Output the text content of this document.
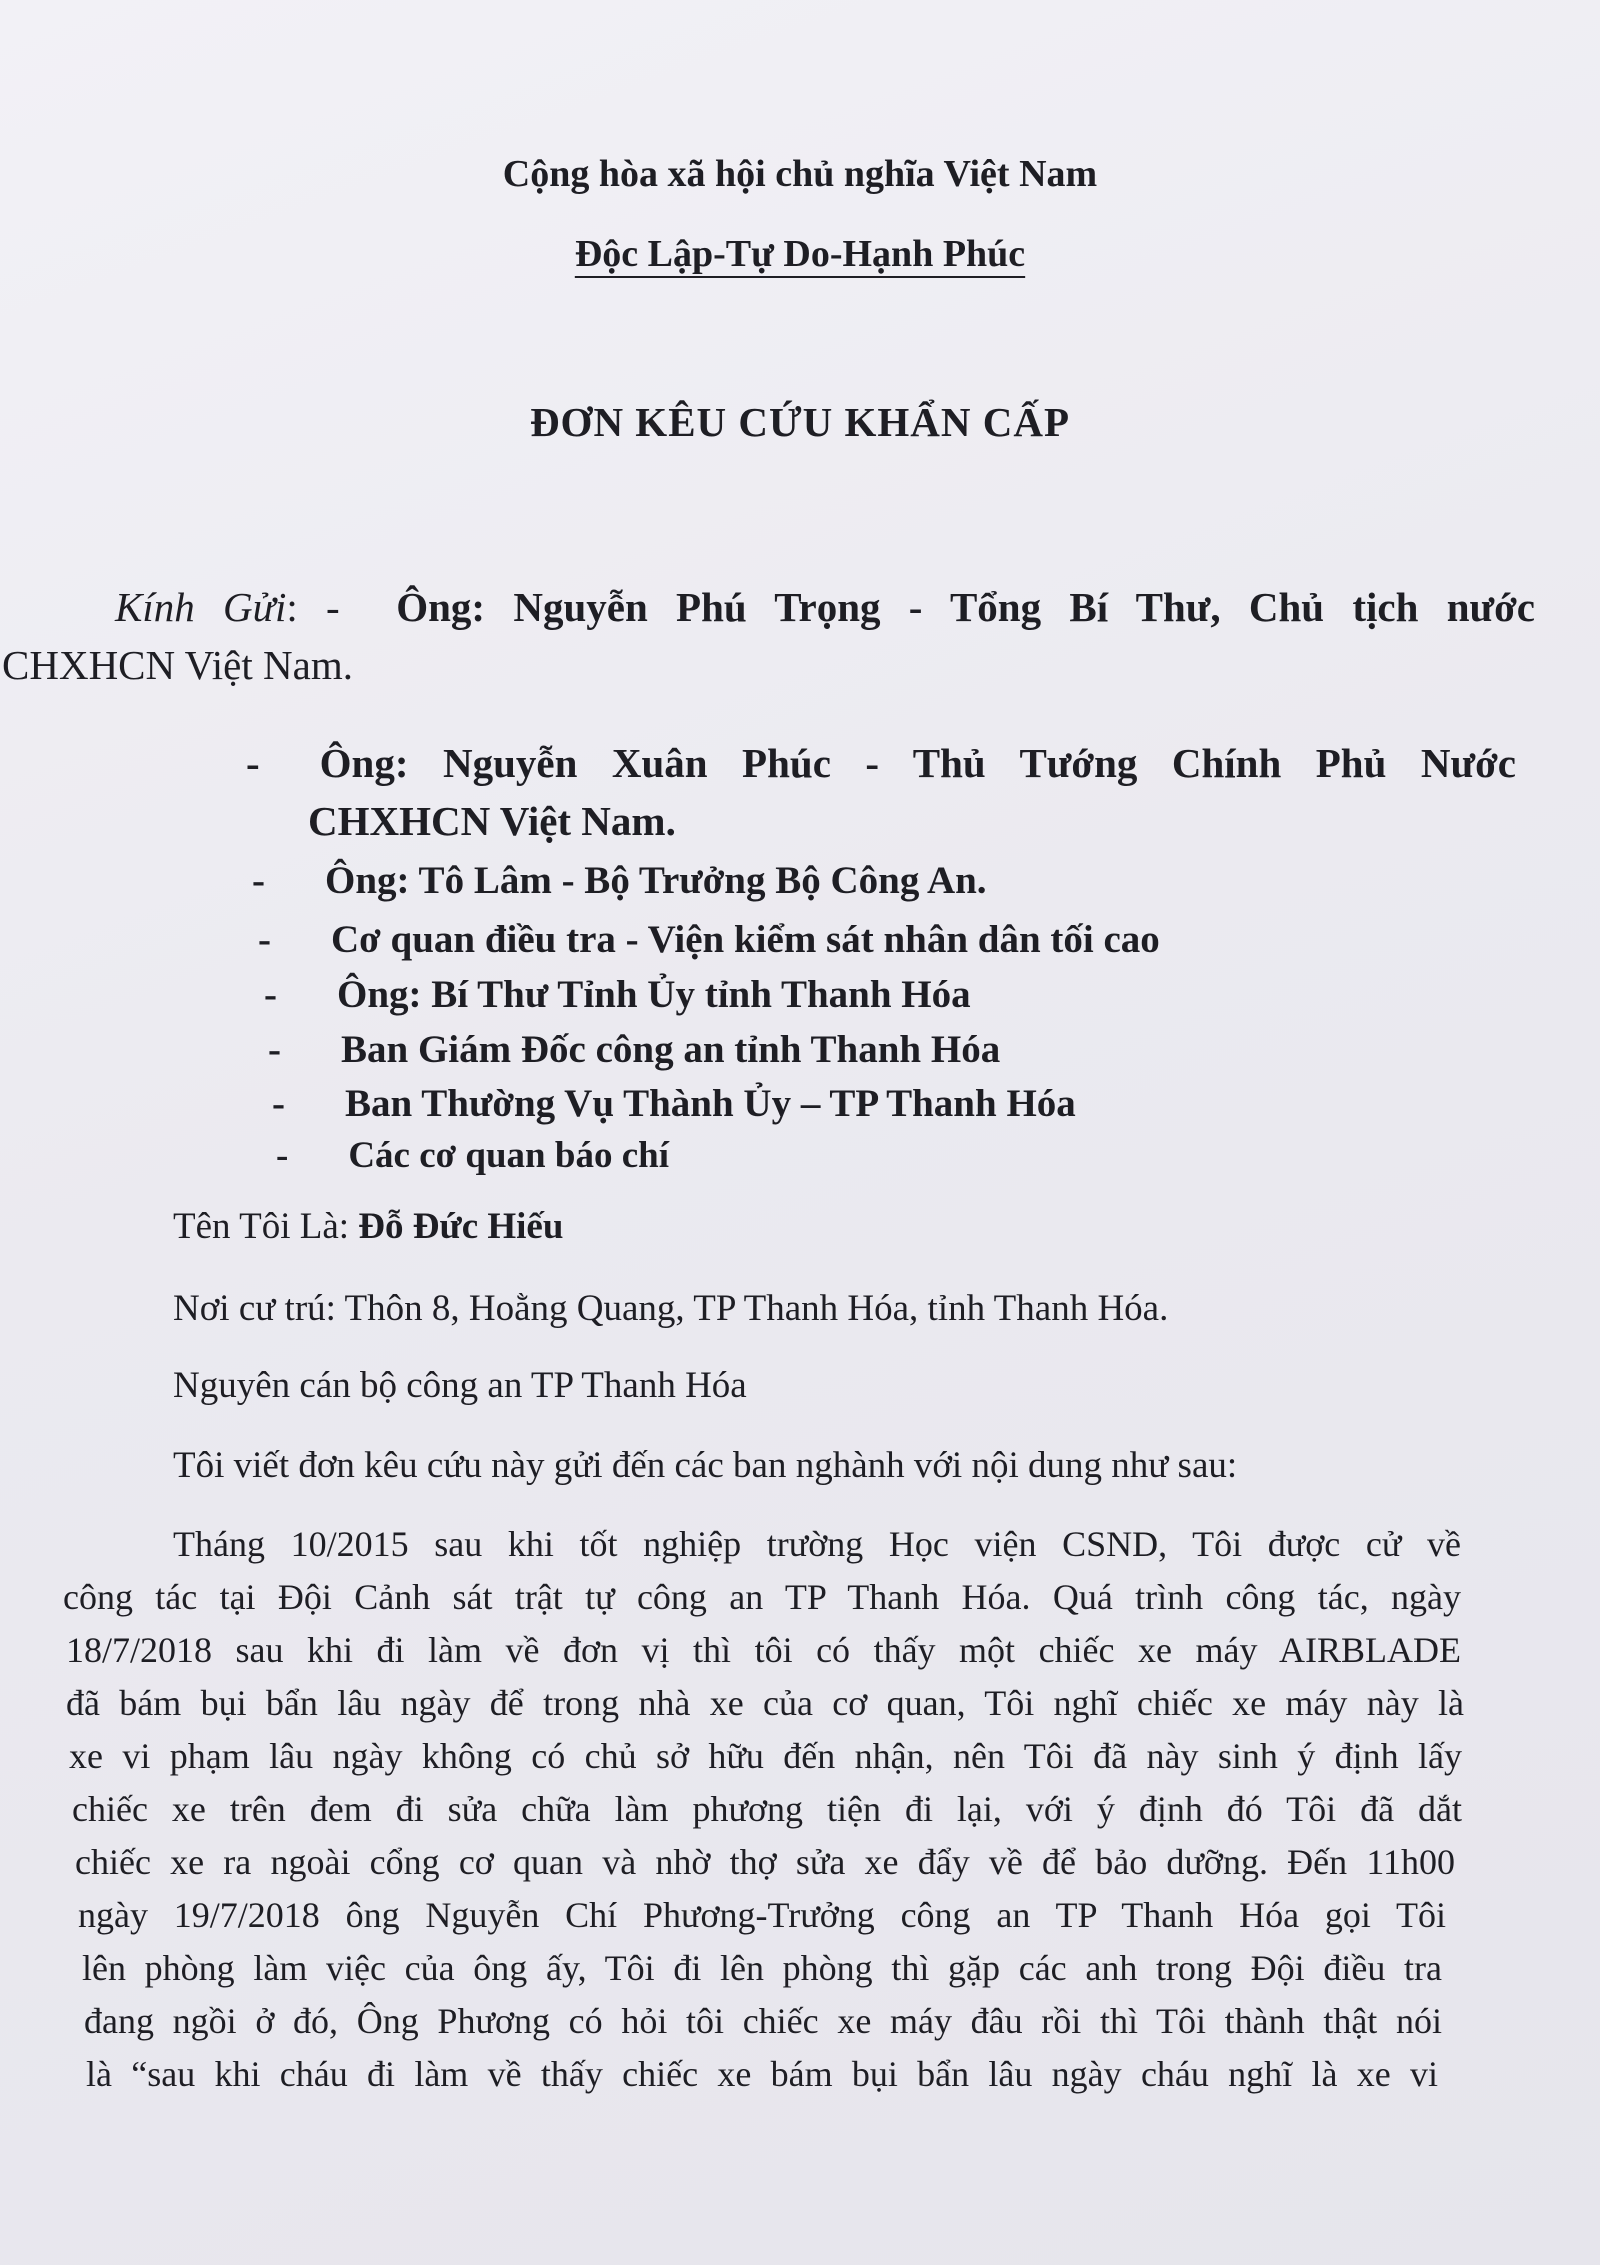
Cộng hòa xã hội chủ nghĩa Việt Nam
Độc Lập-Tự Do-Hạnh Phúc
ĐƠN KÊU CỨU KHẨN CẤP
Kính Gửi: - Ông: Nguyễn Phú Trọng - Tổng Bí Thư, Chủ tịch nước
CHXHCN Việt Nam.
- Ông: Nguyễn Xuân Phúc - Thủ Tướng Chính Phủ Nước
CHXHCN Việt Nam.
- Ông: Tô Lâm - Bộ Trưởng Bộ Công An.
- Cơ quan điều tra - Viện kiểm sát nhân dân tối cao
- Ông: Bí Thư Tỉnh Ủy tỉnh Thanh Hóa
- Ban Giám Đốc công an tỉnh Thanh Hóa
- Ban Thường Vụ Thành Ủy – TP Thanh Hóa
- Các cơ quan báo chí
Tên Tôi Là: Đỗ Đức Hiếu
Nơi cư trú: Thôn 8, Hoằng Quang, TP Thanh Hóa, tỉnh Thanh Hóa.
Nguyên cán bộ công an TP Thanh Hóa
Tôi viết đơn kêu cứu này gửi đến các ban nghành với nội dung như sau:
Tháng 10/2015 sau khi tốt nghiệp trường Học viện CSND, Tôi được cử về
công tác tại Đội Cảnh sát trật tự công an TP Thanh Hóa. Quá trình công tác, ngày
18/7/2018 sau khi đi làm về đơn vị thì tôi có thấy một chiếc xe máy AIRBLADE
đã bám bụi bẩn lâu ngày để trong nhà xe của cơ quan, Tôi nghĩ chiếc xe máy này là
xe vi phạm lâu ngày không có chủ sở hữu đến nhận, nên Tôi đã này sinh ý định lấy
chiếc xe trên đem đi sửa chữa làm phương tiện đi lại, với ý định đó Tôi đã dắt
chiếc xe ra ngoài cổng cơ quan và nhờ thợ sửa xe đẩy về để bảo dưỡng. Đến 11h00
ngày 19/7/2018 ông Nguyễn Chí Phương-Trưởng công an TP Thanh Hóa gọi Tôi
lên phòng làm việc của ông ấy, Tôi đi lên phòng thì gặp các anh trong Đội điều tra
đang ngồi ở đó, Ông Phương có hỏi tôi chiếc xe máy đâu rồi thì Tôi thành thật nói
là “sau khi cháu đi làm về thấy chiếc xe bám bụi bẩn lâu ngày cháu nghĩ là xe vi
